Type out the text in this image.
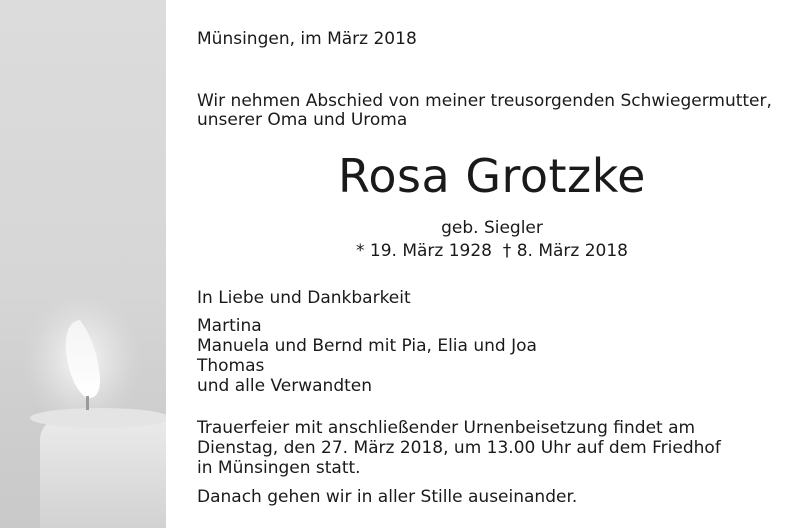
Münsingen, im März 2018
Wir nehmen Abschied von meiner treusorgenden Schwiegermutter,
unserer Oma und Uroma
Rosa Grotzke
geb. Siegler
* 19. März 1928  † 8. März 2018
In Liebe und Dankbarkeit
Martina
Manuela und Bernd mit Pia, Elia und Joa
Thomas
und alle Verwandten
Trauerfeier mit anschließender Urnenbeisetzung findet am
Dienstag, den 27. März 2018, um 13.00 Uhr auf dem Friedhof
in Münsingen statt.
Danach gehen wir in aller Stille auseinander.
